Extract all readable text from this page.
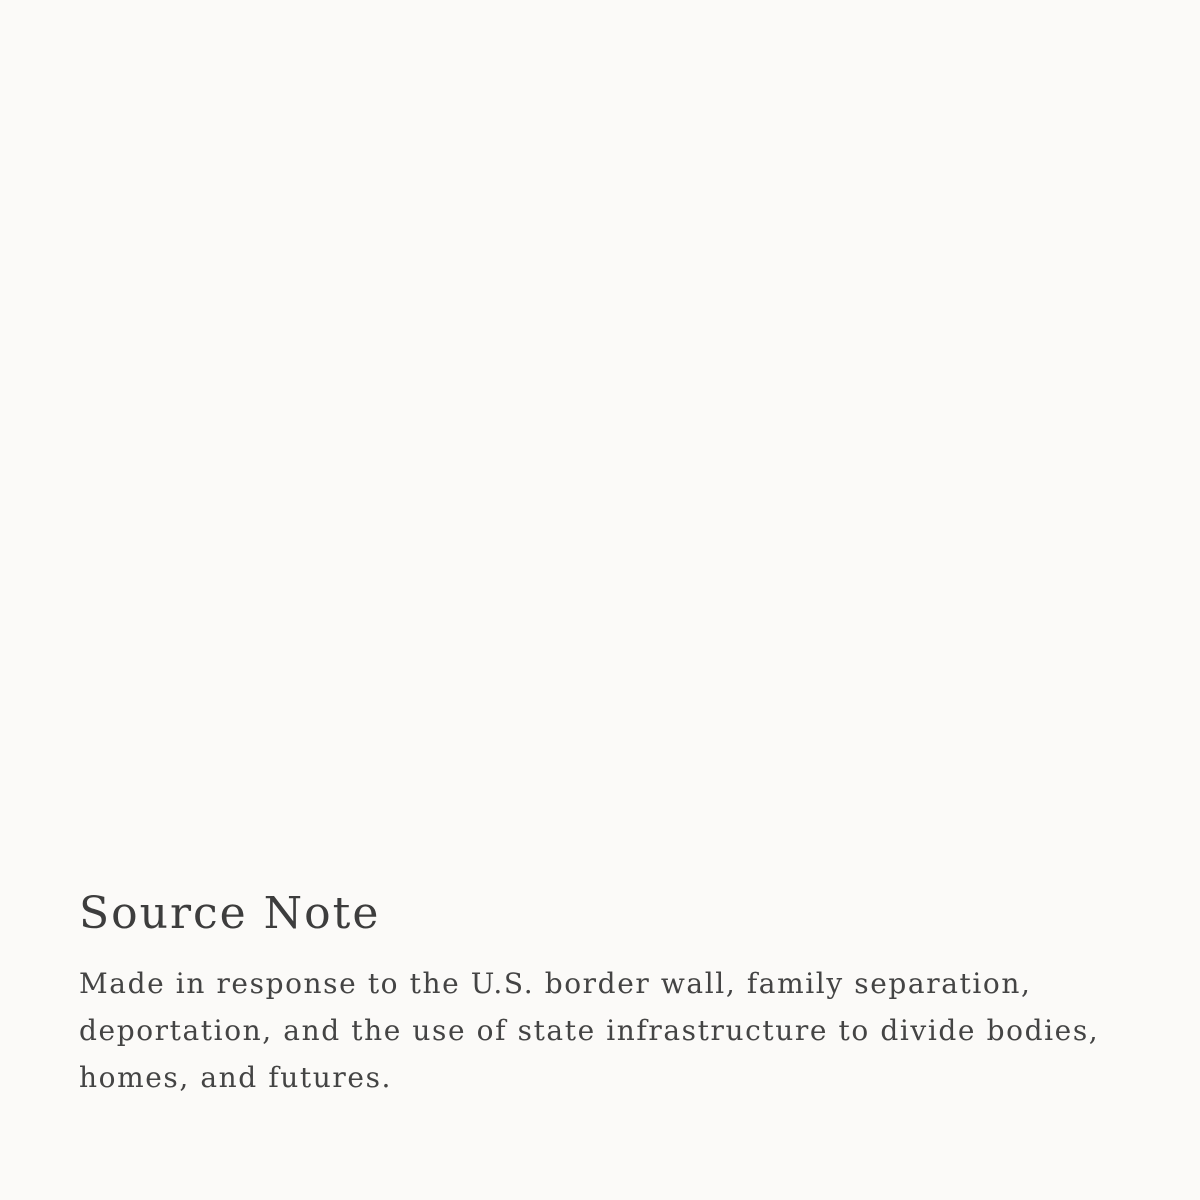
Source Note

Made in response to the U.S. border wall, family separation, deportation, and the use of state infrastructure to divide bodies, homes, and futures.
